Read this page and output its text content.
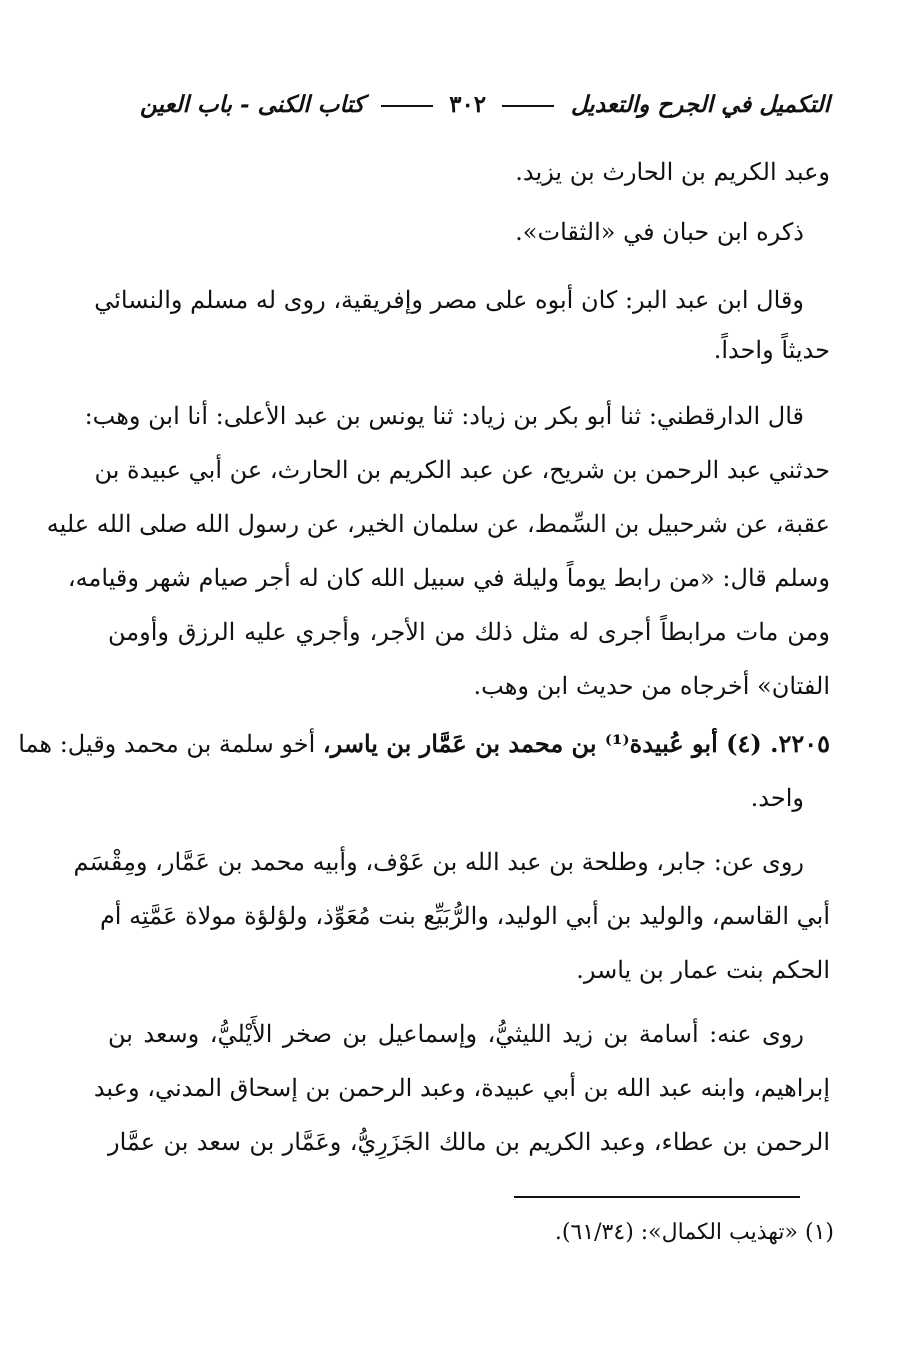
التكميل في الجرح والتعديل
٣٠٢
كتاب الكنى - باب العين
وعبد الكريم بن الحارث بن يزيد.
ذكره ابن حبان في «الثقات».
وقال ابن عبد البر: كان أبوه على مصر وإفريقية، روى له مسلم والنسائي
حديثاً واحداً.
قال الدارقطني: ثنا أبو بكر بن زياد: ثنا يونس بن عبد الأعلى: أنا ابن وهب:
حدثني عبد الرحمن بن شريح، عن عبد الكريم بن الحارث، عن أبي عبيدة بن
عقبة، عن شرحبيل بن السِّمط، عن سلمان الخير، عن رسول الله صلى الله عليه
وسلم قال: «من رابط يوماً وليلة في سبيل الله كان له أجر صيام شهر وقيامه،
ومن مات مرابطاً أجرى له مثل ذلك من الأجر، وأجري عليه الرزق وأومن
الفتان» أخرجاه من حديث ابن وهب.
٢٢٠٥. (٤) أبو عُبيدة⁽¹⁾ بن محمد بن عَمَّار بن ياسر، أخو سلمة بن محمد وقيل: هما
واحد.
روى عن: جابر، وطلحة بن عبد الله بن عَوْف، وأبيه محمد بن عَمَّار، ومِقْسَم
أبي القاسم، والوليد بن أبي الوليد، والرُّبَيِّع بنت مُعَوِّذ، ولؤلؤة مولاة عَمَّتِه أم
الحكم بنت عمار بن ياسر.
روى عنه: أسامة بن زيد الليثيُّ، وإسماعيل بن صخر الأَيْليُّ، وسعد بن
إبراهيم، وابنه عبد الله بن أبي عبيدة، وعبد الرحمن بن إسحاق المدني، وعبد
الرحمن بن عطاء، وعبد الكريم بن مالك الجَزَرِيُّ، وعَمَّار بن سعد بن عمَّار
(١) «تهذيب الكمال»: (٦١/٣٤).
